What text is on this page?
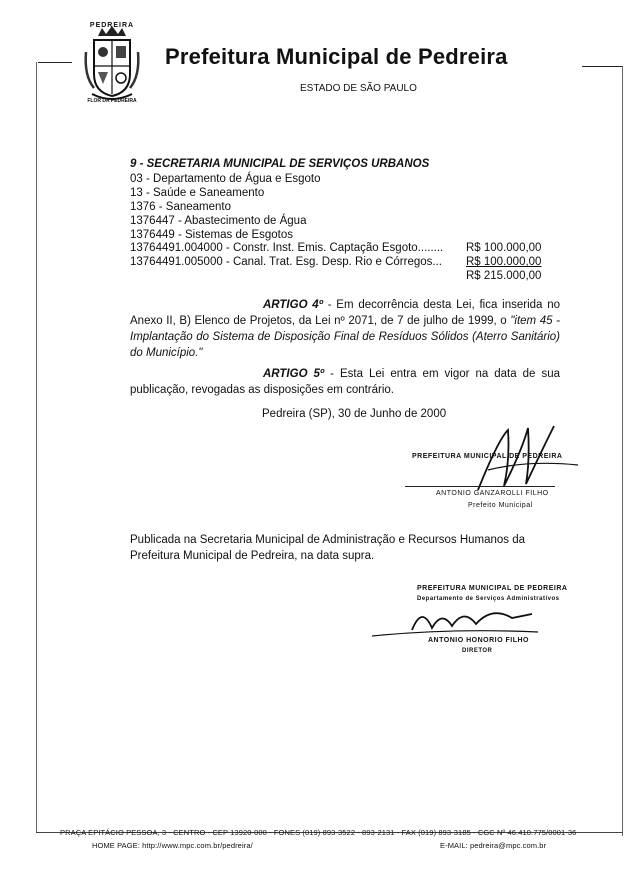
PEDREIRA
FLOR DA PEDREIRA
Prefeitura Municipal de Pedreira
ESTADO DE SÃO PAULO
9 - SECRETARIA MUNICIPAL DE SERVIÇOS URBANOS
03 - Departamento de Água e Esgoto
13 - Saúde e Saneamento
1376 - Saneamento
1376447 - Abastecimento de Água
1376449 - Sistemas de Esgotos
13764491.004000 - Constr. Inst. Emis. Captação Esgoto........ R$ 100.000,00
13764491.005000 - Canal. Trat. Esg. Desp. Rio e Córregos... R$ 100.000,00
R$ 215.000,00
ARTIGO 4º - Em decorrência desta Lei, fica inserida no Anexo II, B) Elenco de Projetos, da Lei nº 2071, de 7 de julho de 1999, o "item 45 - Implantação do Sistema de Disposição Final de Resíduos Sólidos (Aterro Sanitário) do Município."
ARTIGO 5º - Esta Lei entra em vigor na data de sua publicação, revogadas as disposições em contrário.
Pedreira (SP), 30 de Junho de 2000
PREFEITURA MUNICIPAL DE PEDREIRA
ANTONIO GANZAROLLI FILHO
Prefeito Municipal
Publicada na Secretaria Municipal de Administração e Recursos Humanos da Prefeitura Municipal de Pedreira, na data supra.
PREFEITURA MUNICIPAL DE PEDREIRA
Departamento de Serviços Administrativos
ANTONIO HONORIO FILHO
DIRETOR
PRAÇA EPITÁCIO PESSOA, 3 - CENTRO - CEP 13920-000 - FONES (019) 893-3522 - 893-2131 - FAX (019) 893-3185 - CGC Nº 46.410.775/0001-36
HOME PAGE: http://www.mpc.com.br/pedreira/	E-MAIL: pedreira@mpc.com.br
